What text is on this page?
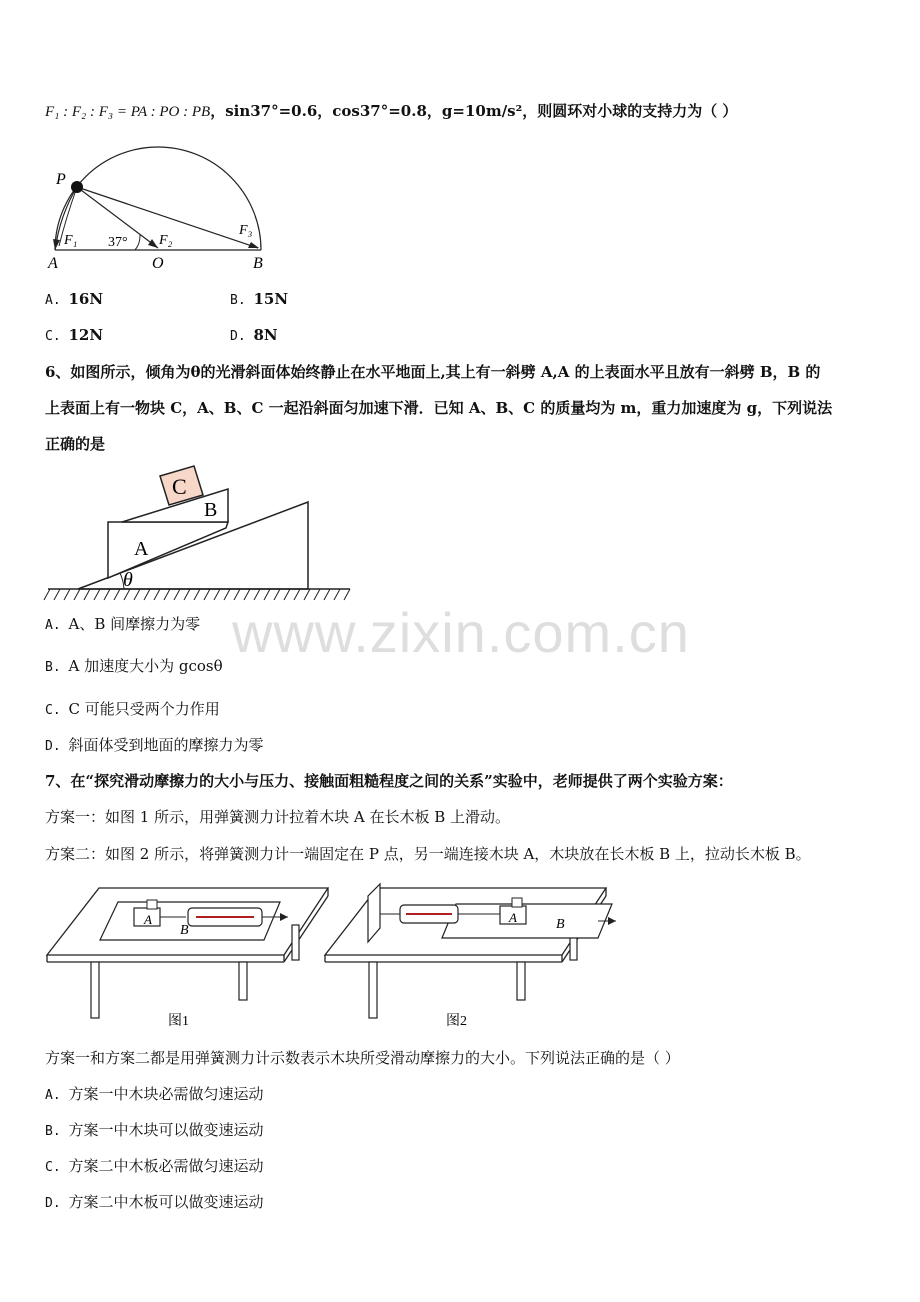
F₁ : F₂ : F₃ = PA : PO : PB，sin37°=0.6，cos37°=0.8，g=10m/s²，则圆环对小球的支持力为（ ）
P
F₁ 37° F₂
F₃
A	O	B
A. 16N	B. 15N
C. 12N	D. 8N
6、如图所示，倾角为θ的光滑斜面体始终静止在水平地面上,其上有一斜劈 A,A 的上表面水平且放有一斜劈 B，B 的
上表面上有一物块 C，A、B、C 一起沿斜面匀加速下滑．已知 A、B、C 的质量均为 m，重力加速度为 g，下列说法
正确的是
C
B
A
θ
A. A、B 间摩擦力为零
B. A 加速度大小为 gcosθ
C. C 可能只受两个力作用
D. 斜面体受到地面的摩擦力为零
7、在“探究滑动摩擦力的大小与压力、接触面粗糙程度之间的关系”实验中，老师提供了两个实验方案：
方案一：如图 1 所示，用弹簧测力计拉着木块 A 在长木板 B 上滑动。
方案二：如图 2 所示，将弹簧测力计一端固定在 P 点，另一端连接木块 A，木块放在长木板 B 上，拉动长木板 B。
A
B
图1
A	B
图2
方案一和方案二都是用弹簧测力计示数表示木块所受滑动摩擦力的大小。下列说法正确的是（ ）
A. 方案一中木块必需做匀速运动
B. 方案一中木块可以做变速运动
C. 方案二中木板必需做匀速运动
D. 方案二中木板可以做变速运动
www.zixin.com.cn
